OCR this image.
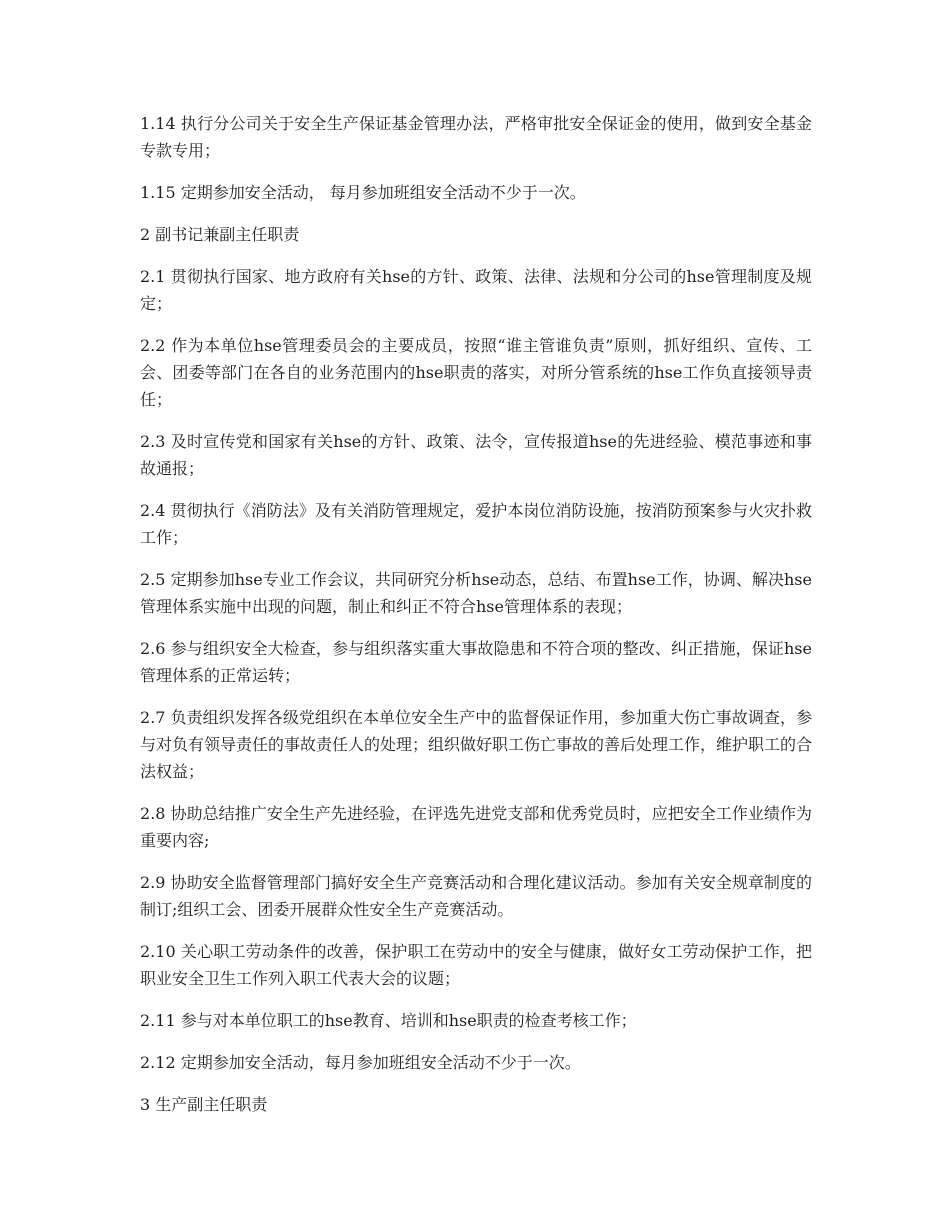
1.14 执行分公司关于安全生产保证基金管理办法，严格审批安全保证金的使用，做到安全基金专款专用；

1.15 定期参加安全活动， 每月参加班组安全活动不少于一次。

2 副书记兼副主任职责

2.1 贯彻执行国家、地方政府有关hse的方针、政策、法律、法规和分公司的hse管理制度及规定；

2.2 作为本单位hse管理委员会的主要成员，按照“谁主管谁负责”原则，抓好组织、宣传、工会、团委等部门在各自的业务范围内的hse职责的落实，对所分管系统的hse工作负直接领导责任；

2.3 及时宣传党和国家有关hse的方针、政策、法令，宣传报道hse的先进经验、模范事迹和事故通报；

2.4 贯彻执行《消防法》及有关消防管理规定，爱护本岗位消防设施，按消防预案参与火灾扑救工作；

2.5 定期参加hse专业工作会议，共同研究分析hse动态，总结、布置hse工作，协调、解决hse管理体系实施中出现的问题，制止和纠正不符合hse管理体系的表现；

2.6 参与组织安全大检查，参与组织落实重大事故隐患和不符合项的整改、纠正措施，保证hse管理体系的正常运转；

2.7 负责组织发挥各级党组织在本单位安全生产中的监督保证作用，参加重大伤亡事故调查，参与对负有领导责任的事故责任人的处理；组织做好职工伤亡事故的善后处理工作，维护职工的合法权益；

2.8 协助总结推广安全生产先进经验，在评选先进党支部和优秀党员时，应把安全工作业绩作为重要内容;

2.9 协助安全监督管理部门搞好安全生产竞赛活动和合理化建议活动。参加有关安全规章制度的制订;组织工会、团委开展群众性安全生产竞赛活动。

2.10 关心职工劳动条件的改善，保护职工在劳动中的安全与健康，做好女工劳动保护工作，把职业安全卫生工作列入职工代表大会的议题；

2.11 参与对本单位职工的hse教育、培训和hse职责的检查考核工作；

2.12 定期参加安全活动，每月参加班组安全活动不少于一次。

3 生产副主任职责
